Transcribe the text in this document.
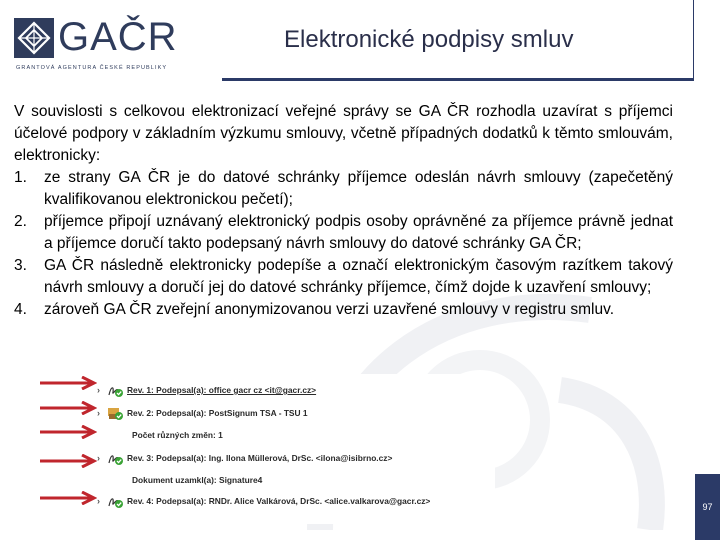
GAČR
GRANTOVÁ AGENTURA ČESKÉ REPUBLIKY
Elektronické podpisy smluv

V souvislosti s celkovou elektronizací veřejné správy se GA ČR rozhodla uzavírat s příjemci účelové podpory v základním výzkumu smlouvy, včetně případných dodatků k těmto smlouvám, elektronicky:

1. ze strany GA ČR je do datové schránky příjemce odeslán návrh smlouvy (zapečetěný kvalifikovanou elektronickou pečetí);
2. příjemce připojí uznávaný elektronický podpis osoby oprávněné za příjemce právně jednat a příjemce doručí takto podepsaný návrh smlouvy do datové schránky GA ČR;
3. GA ČR následně elektronicky podepíše a označí elektronickým časovým razítkem takový návrh smlouvy a doručí jej do datové schránky příjemce, čímž dojde k uzavření smlouvy;
4. zároveň GA ČR zveřejní anonymizovanou verzi uzavřené smlouvy v registru smluv.
›	Rev. 1: Podepsal(a): office gacr cz <it@gacr.cz>
›	Rev. 2: Podepsal(a): PostSignum TSA - TSU 1
Počet různých změn: 1
›	Rev. 3: Podepsal(a): Ing. Ilona Müllerová, DrSc. <ilona@isibrno.cz>
Dokument uzamkl(a): Signature4
›	Rev. 4: Podepsal(a): RNDr. Alice Valkárová, DrSc. <alice.valkarova@gacr.cz>
97
